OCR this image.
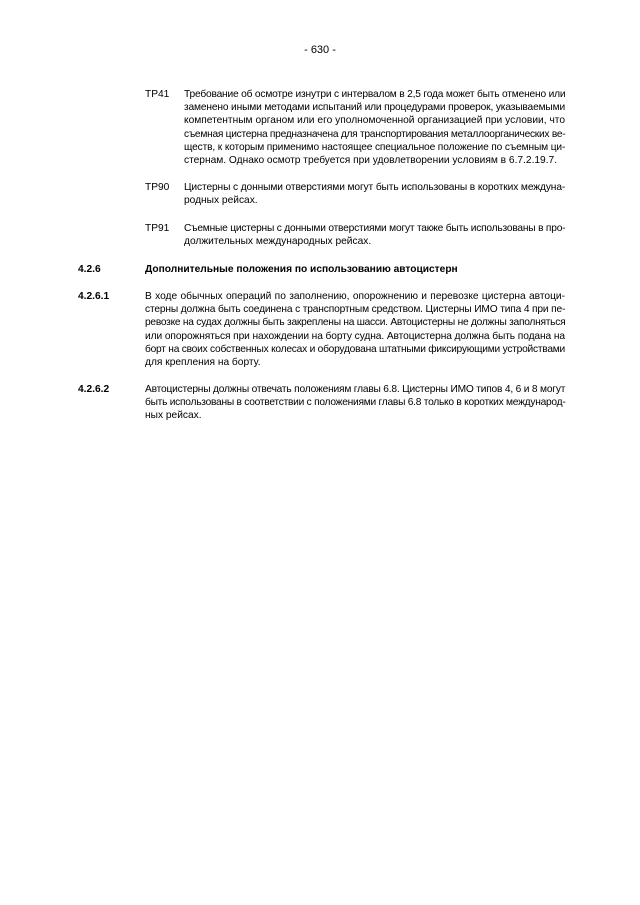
- 630 -
TP41	Требование об осмотре изнутри с интервалом в 2,5 года может быть отменено или
заменено иными методами испытаний или процедурами проверок, указываемыми
компетентным органом или его уполномоченной организацией при условии, что
съемная цистерна предназначена для транспортирования металлоорганических ве-
ществ, к которым применимо настоящее специальное положение по съемным ци-
стернам. Однако осмотр требуется при удовлетворении условиям в 6.7.2.19.7.
TP90	Цистерны с донными отверстиями могут быть использованы в коротких междуна-
родных рейсах.
TP91	Съемные цистерны с донными отверстиями могут также быть использованы в про-
должительных международных рейсах.
4.2.6	Дополнительные положения по использованию автоцистерн
4.2.6.1	В ходе обычных операций по заполнению, опорожнению и перевозке цистерна автоци-
стерны должна быть соединена с транспортным средством. Цистерны ИМО типа 4 при пе-
ревозке на судах должны быть закреплены на шасси. Автоцистерны не должны заполняться
или опорожняться при нахождении на борту судна. Автоцистерна должна быть подана на
борт на своих собственных колесах и оборудована штатными фиксирующими устройствами
для крепления на борту.
4.2.6.2	Автоцистерны должны отвечать положениям главы 6.8. Цистерны ИМО типов 4, 6 и 8 могут
быть использованы в соответствии с положениями главы 6.8 только в коротких международ-
ных рейсах.
